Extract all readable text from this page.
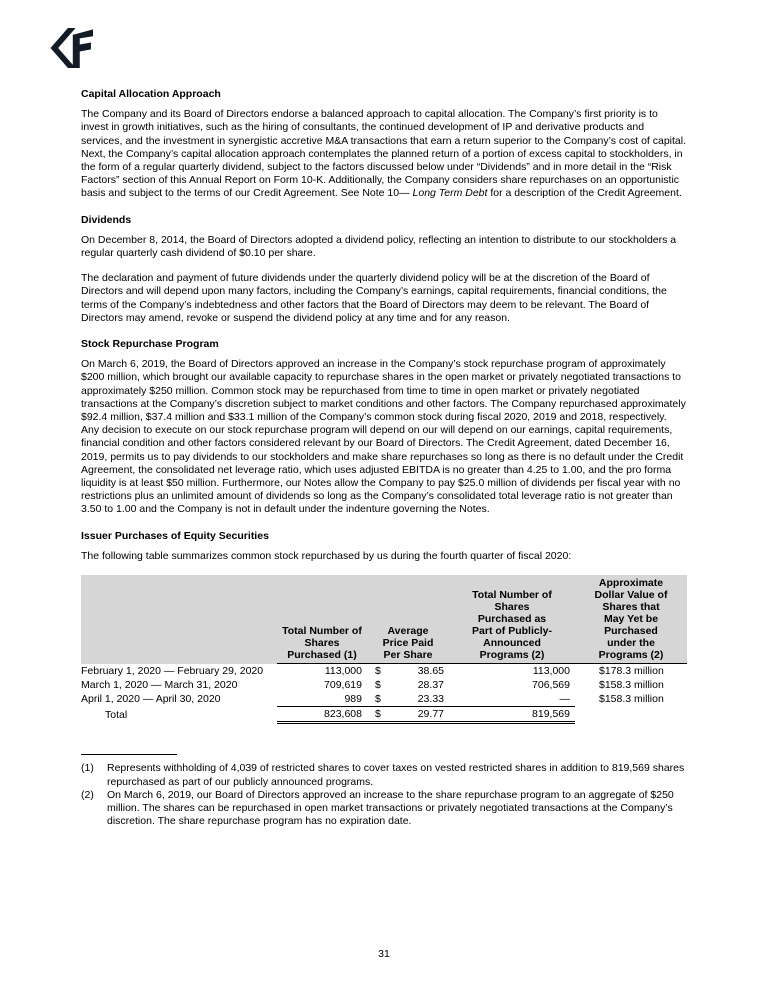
Capital Allocation Approach

The Company and its Board of Directors endorse a balanced approach to capital allocation. The Company’s first priority is to invest in growth initiatives, such as the hiring of consultants, the continued development of IP and derivative products and services, and the investment in synergistic accretive M&A transactions that earn a return superior to the Company’s cost of capital. Next, the Company’s capital allocation approach contemplates the planned return of a portion of excess capital to stockholders, in the form of a regular quarterly dividend, subject to the factors discussed below under “Dividends” and in more detail in the “Risk Factors” section of this Annual Report on Form 10-K. Additionally, the Company considers share repurchases on an opportunistic basis and subject to the terms of our Credit Agreement. See Note 10— Long Term Debt for a description of the Credit Agreement.

Dividends

On December 8, 2014, the Board of Directors adopted a dividend policy, reflecting an intention to distribute to our stockholders a regular quarterly cash dividend of $0.10 per share.

The declaration and payment of future dividends under the quarterly dividend policy will be at the discretion of the Board of Directors and will depend upon many factors, including the Company’s earnings, capital requirements, financial conditions, the terms of the Company’s indebtedness and other factors that the Board of Directors may deem to be relevant. The Board of Directors may amend, revoke or suspend the dividend policy at any time and for any reason.

Stock Repurchase Program

On March 6, 2019, the Board of Directors approved an increase in the Company’s stock repurchase program of approximately $200 million, which brought our available capacity to repurchase shares in the open market or privately negotiated transactions to approximately $250 million. Common stock may be repurchased from time to time in open market or privately negotiated transactions at the Company’s discretion subject to market conditions and other factors. The Company repurchased approximately $92.4 million, $37.4 million and $33.1 million of the Company’s common stock during fiscal 2020, 2019 and 2018, respectively. Any decision to execute on our stock repurchase program will depend on our will depend on our earnings, capital requirements, financial condition and other factors considered relevant by our Board of Directors. The Credit Agreement, dated December 16, 2019, permits us to pay dividends to our stockholders and make share repurchases so long as there is no default under the Credit Agreement, the consolidated net leverage ratio, which uses adjusted EBITDA is no greater than 4.25 to 1.00, and the pro forma liquidity is at least $50 million. Furthermore, our Notes allow the Company to pay $25.0 million of dividends per fiscal year with no restrictions plus an unlimited amount of dividends so long as the Company’s consolidated total leverage ratio is not greater than 3.50 to 1.00 and the Company is not in default under the indenture governing the Notes.

Issuer Purchases of Equity Securities

The following table summarizes common stock repurchased by us during the fourth quarter of fiscal 2020:

	Total Number of Shares Purchased (1)	Average Price Paid Per Share		Total Number of Shares Purchased as Part of Publicly-Announced Programs (2)	Approximate Dollar Value of Shares that May Yet be Purchased under the Programs (2)

February 1, 2020 — February 29, 2020	113,000	$	38.65	113,000	$178.3 million
March 1, 2020 — March 31, 2020	709,619	$	28.37	706,569	$158.3 million
April 1, 2020 — April 30, 2020	989	$	23.33	—	$158.3 million
Total	823,608	$	29.77	819,569	
(1)	Represents withholding of 4,039 of restricted shares to cover taxes on vested restricted shares in addition to 819,569 shares repurchased as part of our publicly announced programs.
(2)	On March 6, 2019, our Board of Directors approved an increase to the share repurchase program to an aggregate of $250 million. The shares can be repurchased in open market transactions or privately negotiated transactions at the Company’s discretion. The share repurchase program has no expiration date.
31
